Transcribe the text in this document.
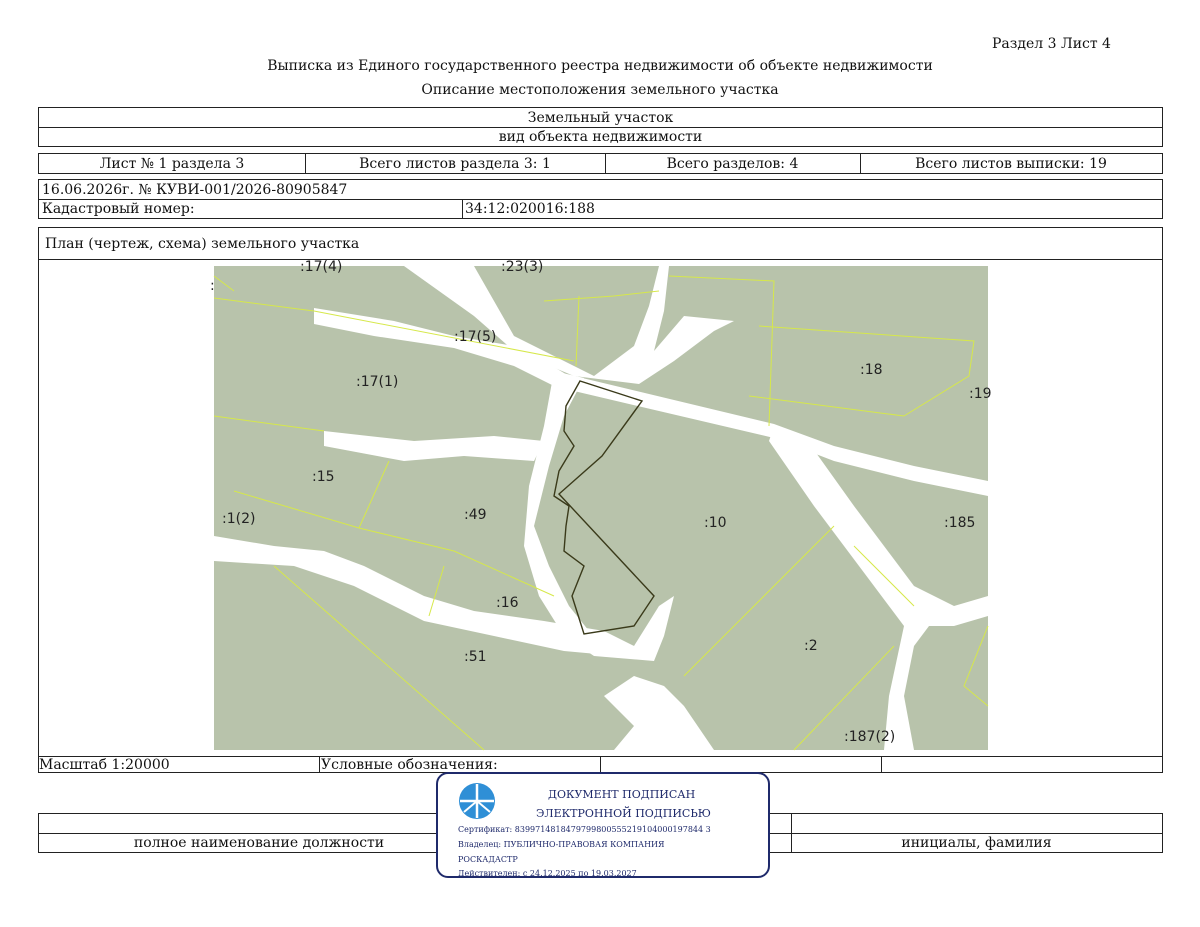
Раздел 3 Лист 4
Выписка из Единого государственного реестра недвижимости об объекте недвижимости
Описание местоположения земельного участка
Земельный участок
вид объекта недвижимости
Лист № 1 раздела 3	Всего листов раздела 3: 1	Всего разделов: 4	Всего листов выписки: 19
16.06.2026г. № КУВИ-001/2026-80905847
Кадастровый номер:	34:12:020016:188
План (чертеж, схема) земельного участка
Масштаб 1:20000	Условные обозначения:
:17(4)	:23(3)
:17(5)
:17(1)
:18
:19
:15
:49	:10	:185
:1(2)
:16
:2
:51
:187(2)
:
полное наименование должности	инициалы, фамилия
ДОКУМЕНТ ПОДПИСАН
ЭЛЕКТРОННОЙ ПОДПИСЬЮ
Сертификат: 8399714818479799800555219104000197844 3
Владелец: ПУБЛИЧНО-ПРАВОВАЯ КОМПАНИЯ
РОСКАДАСТР
Действителен: с 24.12.2025 по 19.03.2027
